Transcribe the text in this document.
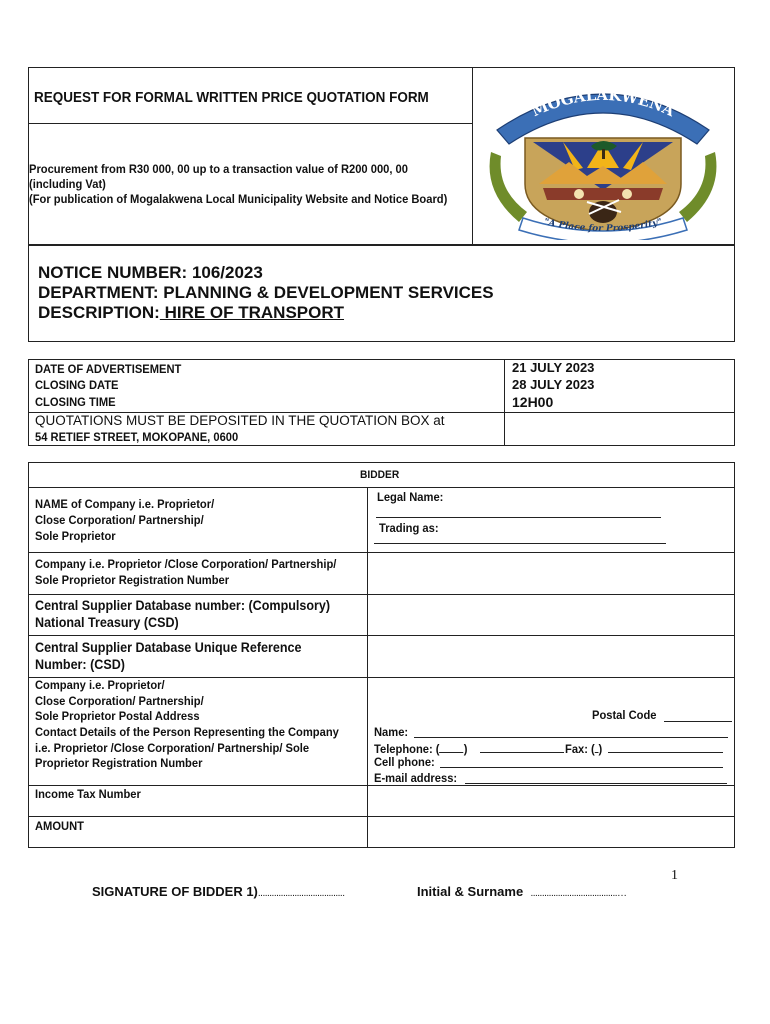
REQUEST FOR FORMAL WRITTEN PRICE QUOTATION FORM
Procurement from R30 000, 00 up to a transaction value of R200 000, 00
(including Vat)
(For publication of Mogalakwena Local Municipality Website and Notice Board)
MOGALAKWENA
"A Place for Prosperity"
NOTICE NUMBER: 106/2023
DEPARTMENT: PLANNING & DEVELOPMENT SERVICES
DESCRIPTION: HIRE OF TRANSPORT
DATE OF ADVERTISEMENT
CLOSING DATE
CLOSING TIME
21 JULY 2023
28 JULY 2023
12H00
QUOTATIONS MUST BE DEPOSITED IN THE QUOTATION BOX at
54 RETIEF STREET, MOKOPANE, 0600
BIDDER
NAME of Company i.e. Proprietor/
Close Corporation/ Partnership/
Sole Proprietor
Legal Name:
Trading as:
Company i.e. Proprietor /Close Corporation/ Partnership/
Sole Proprietor Registration Number
Central Supplier Database number: (Compulsory)
National Treasury (CSD)
Central Supplier Database Unique Reference
Number: (CSD)
Company i.e. Proprietor/
Close Corporation/ Partnership/
Sole Proprietor Postal Address
Contact Details of the Person Representing the Company
i.e. Proprietor /Close Corporation/ Partnership/ Sole
Proprietor Registration Number
Postal Code
Name:
Telephone: ( )	Fax: ( )
Cell phone:
E-mail address:
Income Tax Number
AMOUNT
1
SIGNATURE OF BIDDER 1)......................................	Initial & Surname ......................................…
